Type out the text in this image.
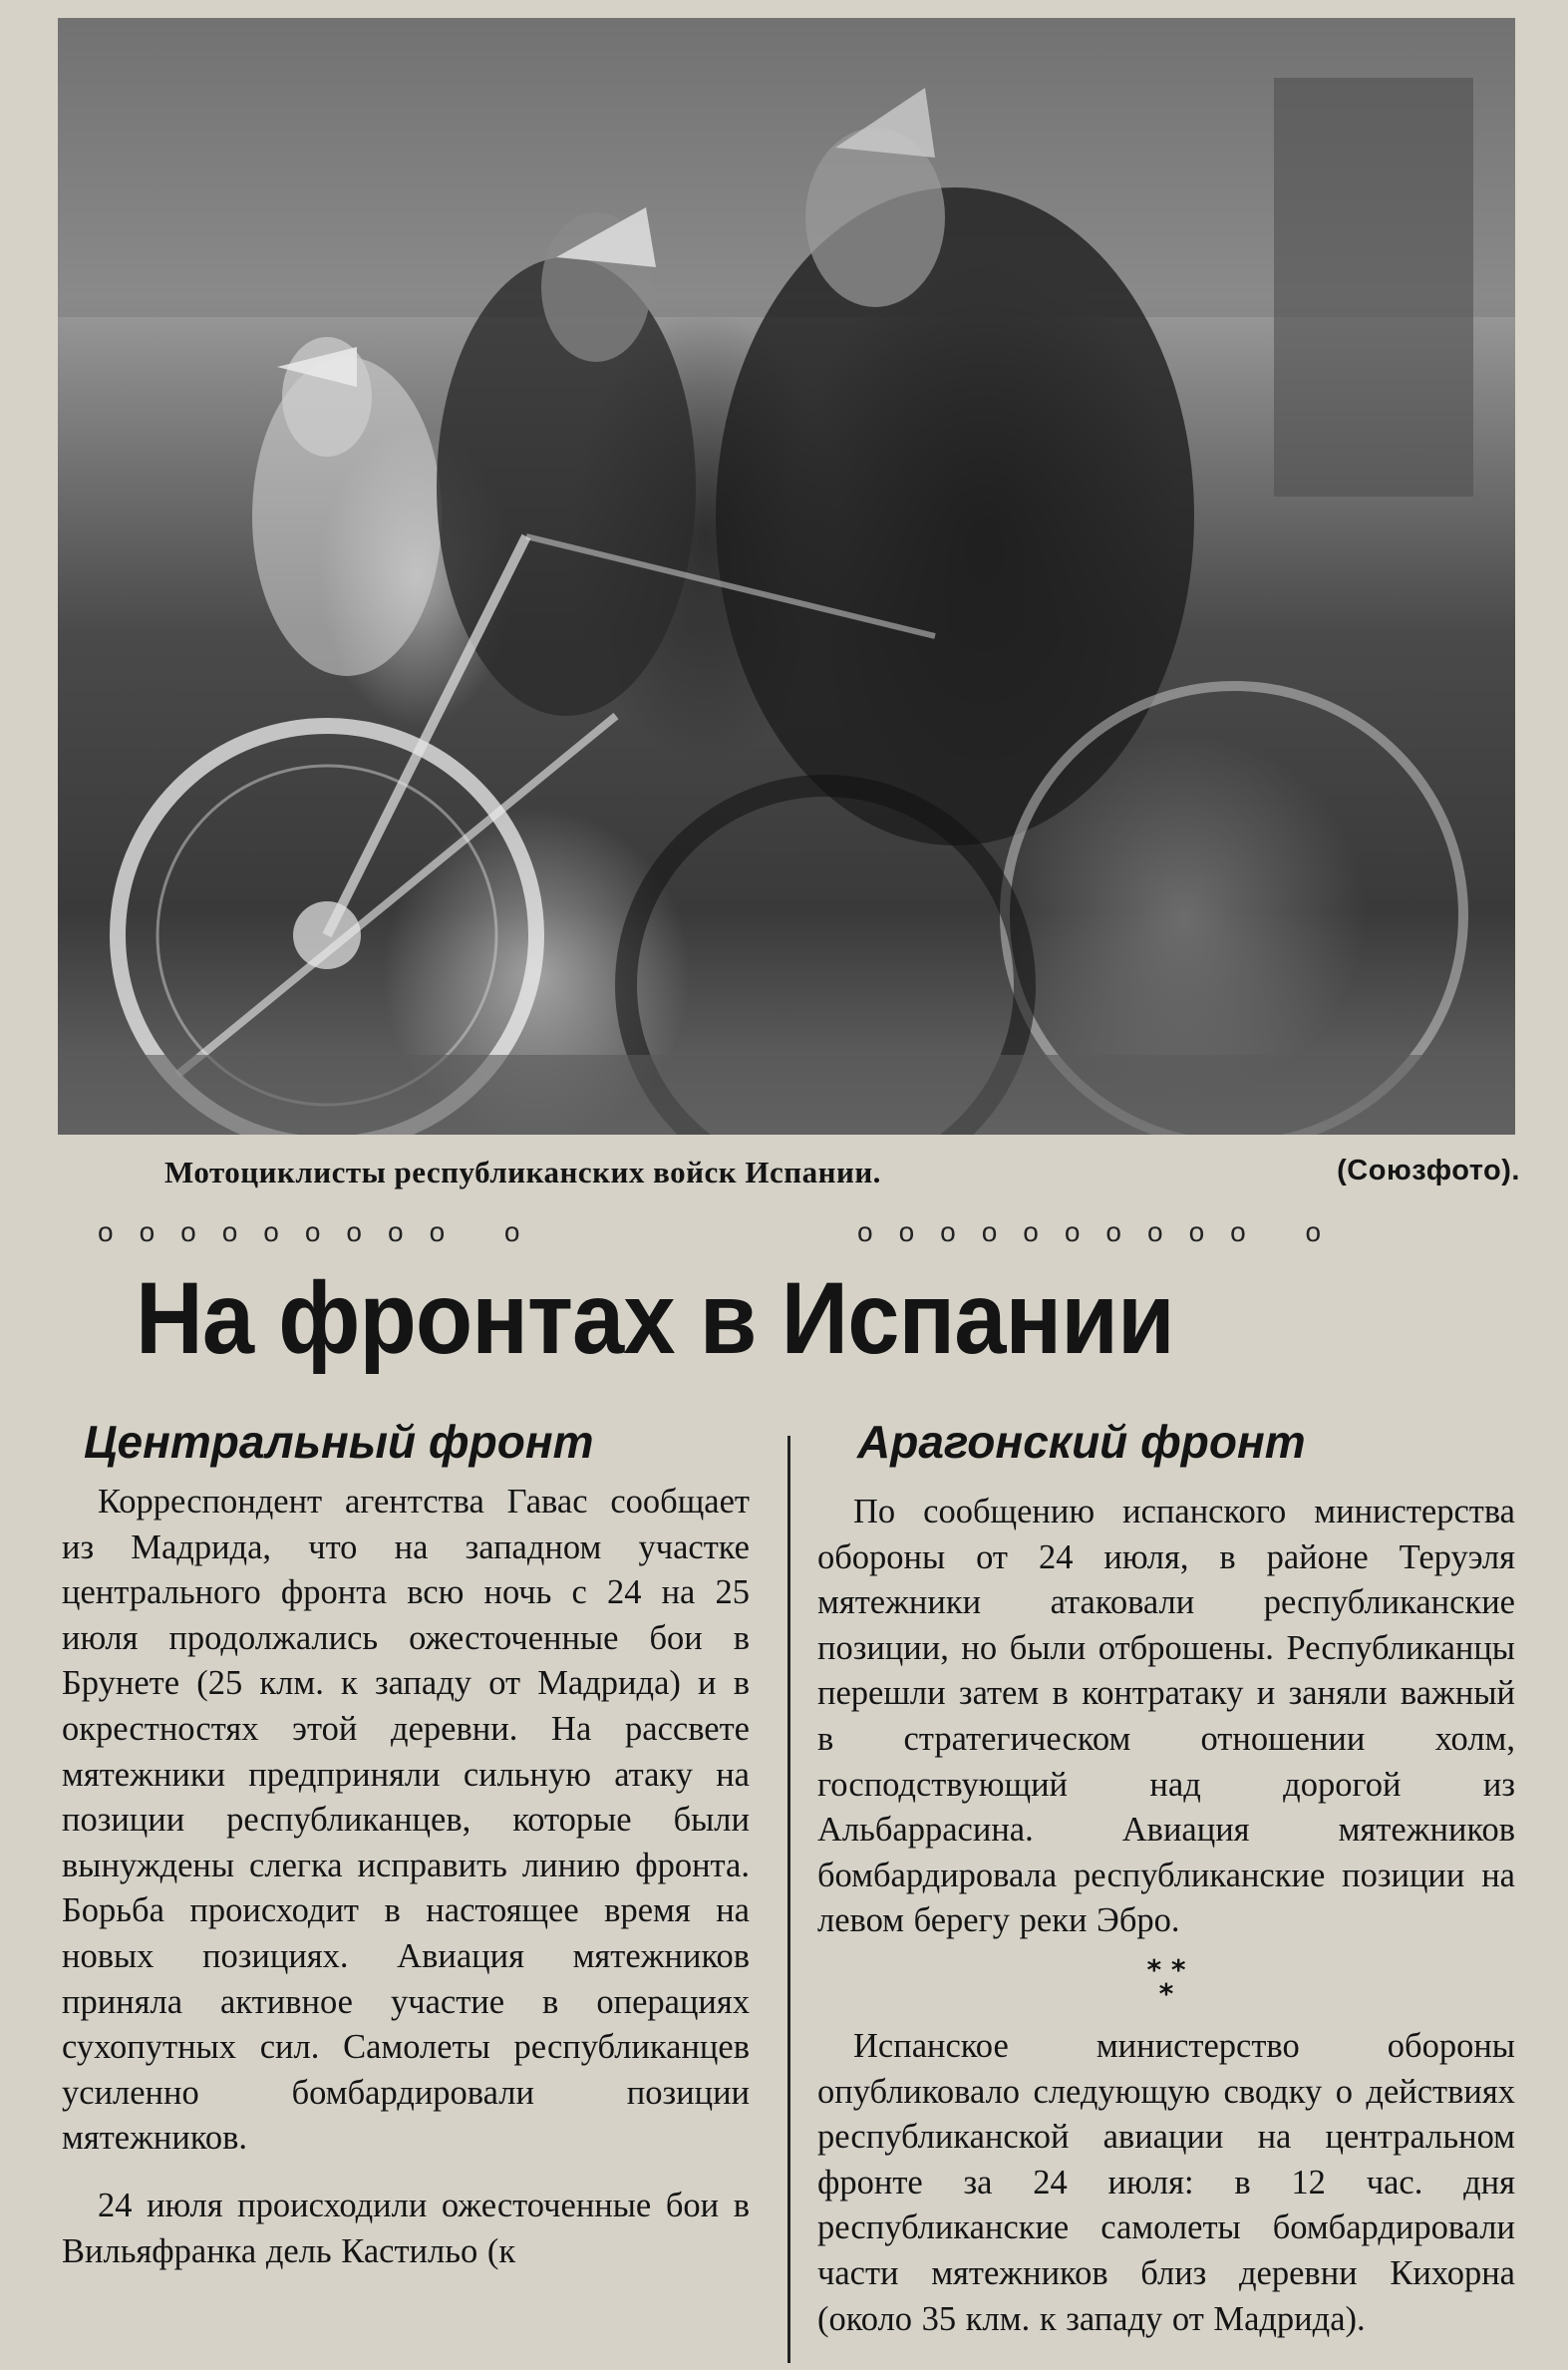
Мотоциклисты республиканских войск Испании.	(Союзфото).
ооооооооо о	оооооооооо о
На фронтах в Испании
Центральный фронт

Корреспондент агентства Гавас сообщает из Мадрида, что на западном участке центрального фронта всю ночь с 24 на 25 июля продолжались ожесточенные бои в Брунете (25 клм. к западу от Мадрида) и в окрестностях этой деревни. На рассвете мятежники предприняли сильную атаку на позиции республиканцев, которые были вынуждены слегка исправить линию фронта. Борьба происходит в настоящее время на новых позициях. Авиация мятежников приняла активное участие в операциях сухопутных сил. Самолеты республиканцев усиленно бомбардировали позиции мятежников.

24 июля происходили ожесточенные бои в Вильяфранка дель Кастильо (к

Арагонский фронт

По сообщению испанского министерства обороны от 24 июля, в районе Теруэля мятежники атаковали республиканские позиции, но были отброшены. Республиканцы перешли затем в контратаку и заняли важный в стратегическом отношении холм, господствующий над дорогой из Альбаррасина. Авиация мятежников бомбардировала республиканские позиции на левом берегу реки Эбро.

* *
*

Испанское министерство обороны опубликовало следующую сводку о действиях республиканской авиации на центральном фронте за 24 июля: в 12 час. дня республиканские самолеты бомбардировали части мятежников близ деревни Кихорна (около 35 клм. к западу от Мадрида).
